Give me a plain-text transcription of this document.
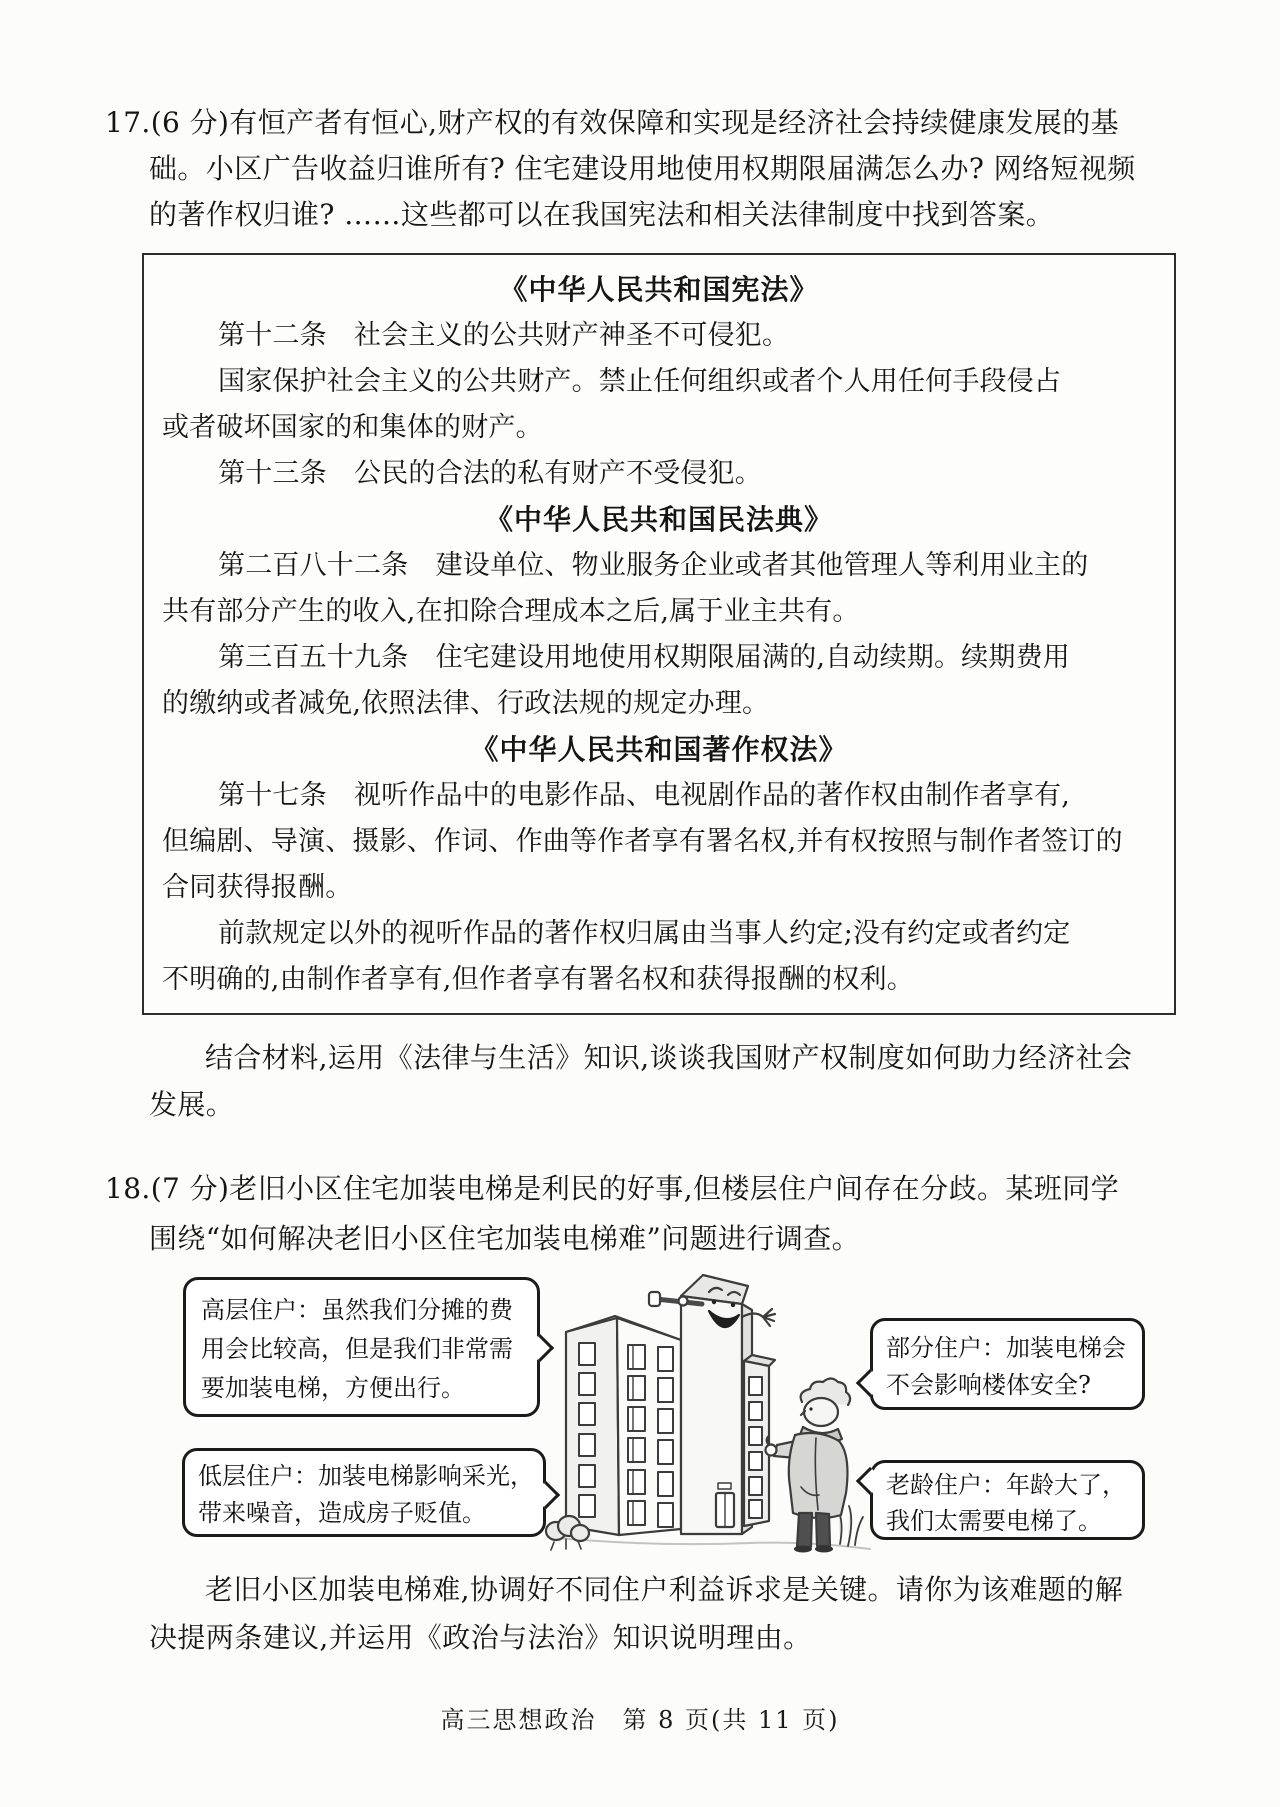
17.(6 分)有恒产者有恒心,财产权的有效保障和实现是经济社会持续健康发展的基
础。小区广告收益归谁所有? 住宅建设用地使用权期限届满怎么办? 网络短视频
的著作权归谁? ……这些都可以在我国宪法和相关法律制度中找到答案。
《中华人民共和国宪法》
第十二条　社会主义的公共财产神圣不可侵犯。
国家保护社会主义的公共财产。禁止任何组织或者个人用任何手段侵占
或者破坏国家的和集体的财产。
第十三条　公民的合法的私有财产不受侵犯。
《中华人民共和国民法典》
第二百八十二条　建设单位、物业服务企业或者其他管理人等利用业主的
共有部分产生的收入,在扣除合理成本之后,属于业主共有。
第三百五十九条　住宅建设用地使用权期限届满的,自动续期。续期费用
的缴纳或者减免,依照法律、行政法规的规定办理。
《中华人民共和国著作权法》
第十七条　视听作品中的电影作品、电视剧作品的著作权由制作者享有,
但编剧、导演、摄影、作词、作曲等作者享有署名权,并有权按照与制作者签订的
合同获得报酬。
前款规定以外的视听作品的著作权归属由当事人约定;没有约定或者约定
不明确的,由制作者享有,但作者享有署名权和获得报酬的权利。
结合材料,运用《法律与生活》知识,谈谈我国财产权制度如何助力经济社会
发展。
18.(7 分)老旧小区住宅加装电梯是利民的好事,但楼层住户间存在分歧。某班同学
围绕“如何解决老旧小区住宅加装电梯难”问题进行调查。
高层住户：虽然我们分摊的费
用会比较高，但是我们非常需
要加装电梯，方便出行。
低层住户：加装电梯影响采光，
带来噪音，造成房子贬值。
部分住户：加装电梯会
不会影响楼体安全?
老龄住户：年龄大了，
我们太需要电梯了。
老旧小区加装电梯难,协调好不同住户利益诉求是关键。请你为该难题的解
决提两条建议,并运用《政治与法治》知识说明理由。
高三思想政治　第 8 页(共 11 页)
